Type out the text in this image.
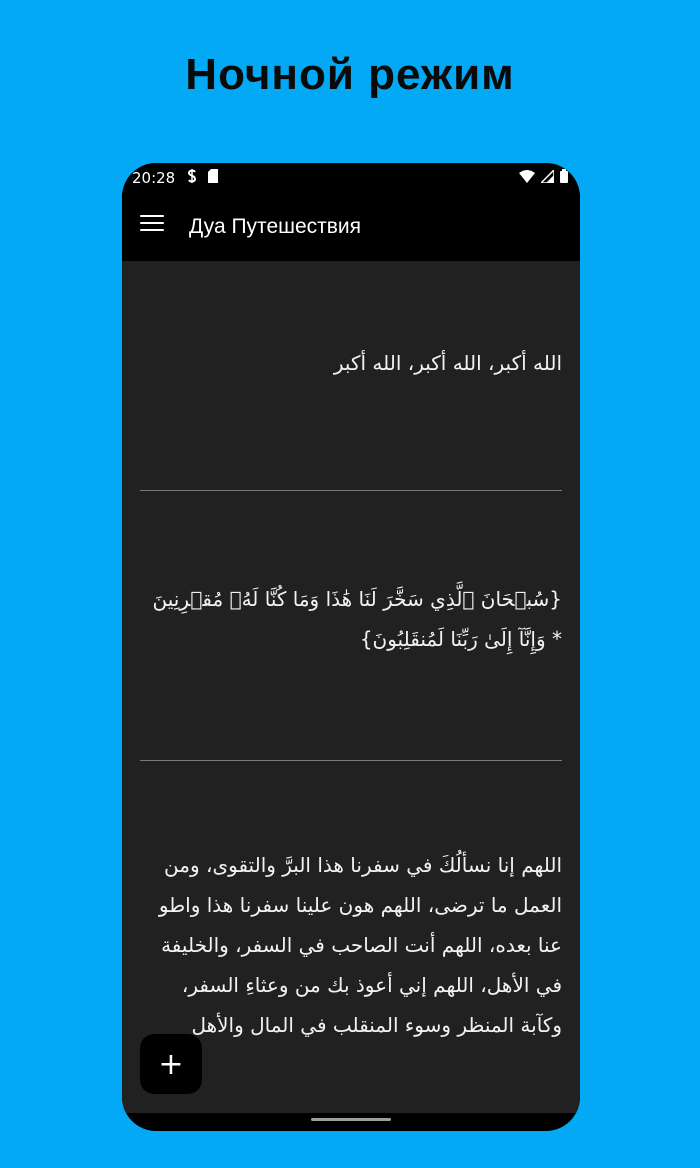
Ночной режим
20:28
Дуа Путешествия
الله أكبر، الله أكبر، الله أكبر
{سُبۡحَانَ ٱلَّذِي سَخَّرَ لَنَا هَٰذَا وَمَا كُنَّا لَهُۥ مُقۡرِنِينَ * وَإِنَّآ إِلَىٰ رَبِّنَا لَمُنقَلِبُونَ}
اللهم إنا نسألُكَ في سفرنا هذا البرَّ والتقوى، ومن العمل ما ترضى، اللهم هون علينا سفرنا هذا واطو عنا بعده، اللهم أنت الصاحب في السفر، والخليفة في الأهل، اللهم إني أعوذ بك من وعثاءِ السفر، وكآبة المنظر وسوء المنقلب في المال والأهل
+
